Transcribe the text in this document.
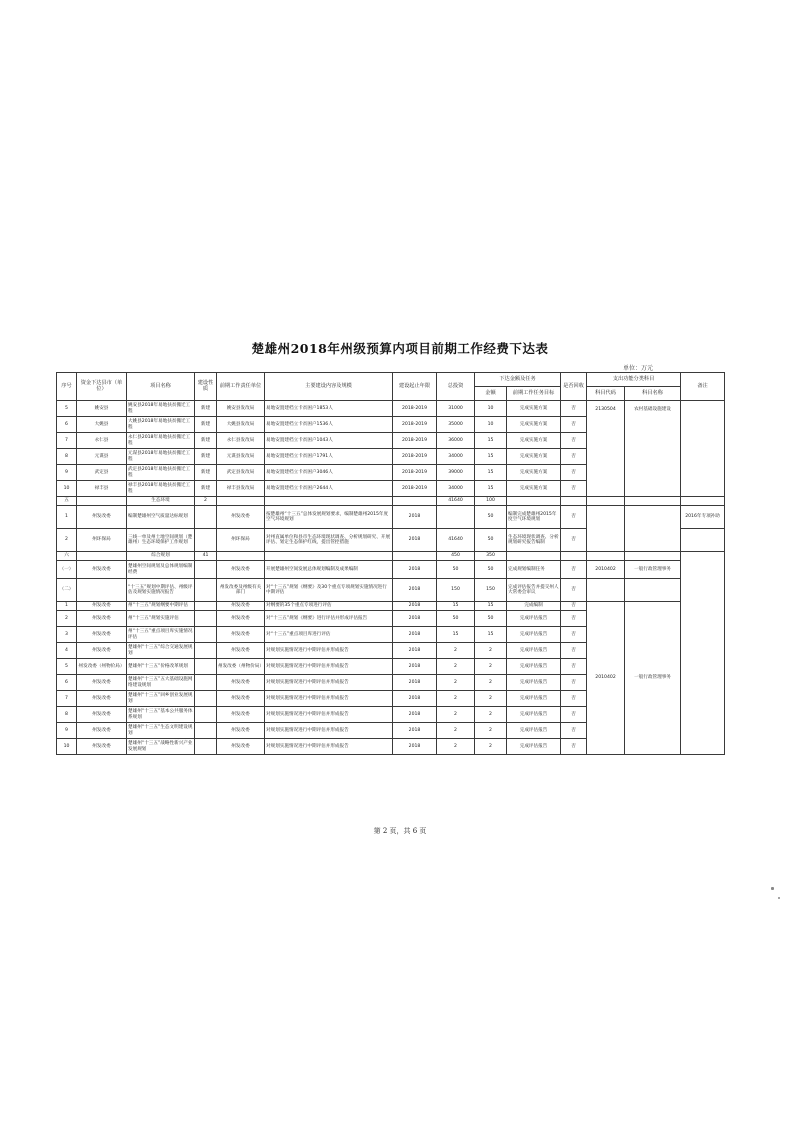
楚雄州2018年州级预算内项目前期工作经费下达表
单位：万元
序号	资金下达县市（单位）	项目名称	建设性质	前期工作责任单位	主要建设内容及规模	建设起止年限	总投资	下达金额及任务		是否回收	支出功能分类科目		备注
								金额	前期工作任务目标		科目代码	科目名称	
5	姚安县	姚安县2018年易地扶贫搬迁工程	新建	姚安县发改局	易地安置建档立卡贫困户1853人	2018-2019	31000	10	完成实施方案	否	2130504	农村基础设施建设	
6	大姚县	大姚县2018年易地扶贫搬迁工程	新建	大姚县发改局	易地安置建档立卡贫困户1536人	2018-2019	35000	10	完成实施方案	否			
7	永仁县	永仁县2018年易地扶贫搬迁工程	新建	永仁县发改局	易地安置建档立卡贫困户1043人	2018-2019	36000	15	完成实施方案	否			
8	元谋县	元谋县2018年易地扶贫搬迁工程	新建	元谋县发改局	易地安置建档立卡贫困户1791人	2018-2019	34000	15	完成实施方案	否			
9	武定县	武定县2018年易地扶贫搬迁工程	新建	武定县发改局	易地安置建档立卡贫困户3046人	2018-2019	39000	15	完成实施方案	否			
10	禄丰县	禄丰县2018年易地扶贫搬迁工程	新建	禄丰县发改局	易地安置建档立卡贫困户2644人	2018-2019	34000	15	完成实施方案	否			
五		生态环境	2				41640	100					
1	州发改委	编制楚雄州空气质量达标规划		州发改委	按楚雄州“十三五”总体发展规划要求，编制楚雄州2015年度空气环境规划	2018		50	编制完成楚雄州2015年度空气环境规划	否			2016年专项补助
2	州环保局	三线一单及州土地空间规划（楚雄州）生态环境保护工作规划		州环保局	对州直属单位和县市生态环境现状调查、分析规划研究、开展评估、划定生态保护红线，提出管控措施	2018	41640	50	生态环境现状调查、分析规划研究报告编制	否			
六		综合规划	41				450	350					
（一）	州发改委	楚雄州空间规划及总体规划编制经费		州发改委	开展楚雄州空间发展总体规划编制及成果编制	2018	50	50	完成规划编制任务	否	2010402	一般行政管理事务	
（二）		“十三五”规划中期评估、州级评估及规划实施情况报告		州发改委及州级有关部门	对“十三五”规划《纲要》及30个重点专项规划实施情况进行中期评估	2018	150	150	完成评估报告并提交州人大常委会审议	否			
1	州发改委	州“十三五”规划纲要中期评估		州发改委	对纲要的35个重点专项进行评估	2018	15	15	完成编制	否	2010402	一般行政管理事务	
2	州发改委	州“十三五”规划实施评估		州发改委	对“十三五”规划《纲要》进行评估并形成评估报告	2018	50	50	完成评估报告	否			
3	州发改委	州“十三五”重点项目库实施情况评估		州发改委	对“十三五”重点项目库进行评估	2018	15	15	完成评估报告	否			
4	州发改委	楚雄州“十三五”综合交通发展规划		州发改委	对规划实施情况进行中期评估并形成报告	2018	2	2	完成评估报告	否			
5	州发改委（州物价局）	楚雄州“十三五”价格改革规划		州发改委（州物价局）	对规划实施情况进行中期评估并形成报告	2018	2	2	完成评估报告	否			
6	州发改委	楚雄州“十三五”五大基础设施网络建设规划		州发改委	对规划实施情况进行中期评估并形成报告	2018	2	2	完成评估报告	否			
7	州发改委	楚雄州“十三五”回乡创业发展规划		州发改委	对规划实施情况进行中期评估并形成报告	2018	2	2	完成评估报告	否			
8	州发改委	楚雄州“十三五”基本公共服务体系规划		州发改委	对规划实施情况进行中期评估并形成报告	2018	2	2	完成评估报告	否			
9	州发改委	楚雄州“十三五”生态文明建设规划		州发改委	对规划实施情况进行中期评估并形成报告	2018	2	2	完成评估报告	否			
10	州发改委	楚雄州“十三五”战略性新兴产业发展规划		州发改委	对规划实施情况进行中期评估并形成报告	2018	2	2	完成评估报告	否			
第 2 页，共 6 页
